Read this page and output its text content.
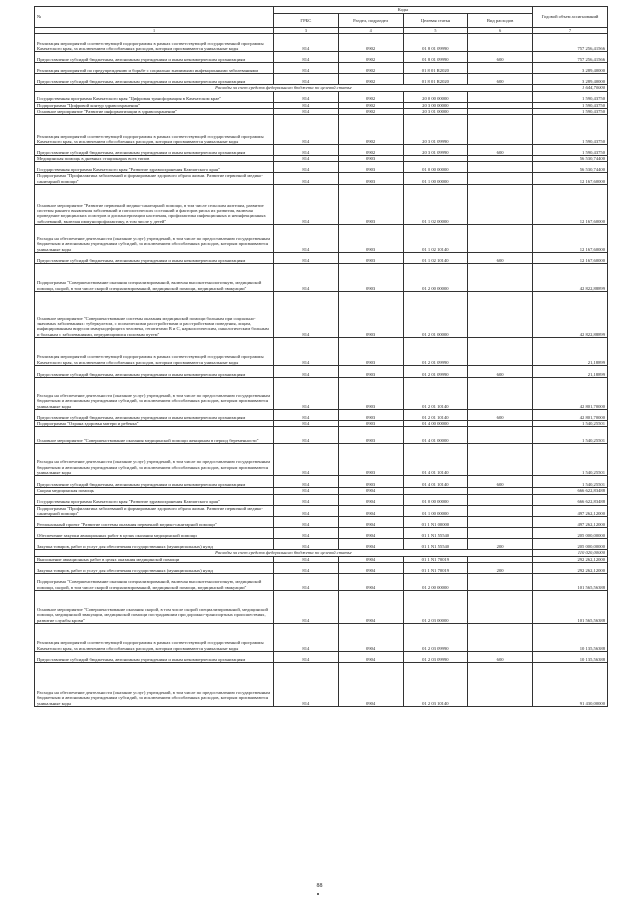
№	Коды				Годовой объем ассигнований
	ГРБС	Раздел, подраздел	Целевая статья	Вид расходов	
1	3	4	5	6	7
Реализация мероприятий соответствующей подпрограммы в рамках соответствующей государственной программы Камчатского края, за исключением обособленных расходов, которым присваиваются уникальные коды	814	0902	01 8 01 09990		757 256,41566
Предоставление субсидий бюджетным, автономным учреждениям и иным некоммерческим организациям	814	0902	01 8 01 09990	600	757 256,41566
Реализация мероприятий по предупреждению и борьбе с социально значимыми инфекционными заболеваниями	814	0902	01 8 01 R2020		3 289,40000
Предоставление субсидий бюджетным, автономным учреждениям и иным некоммерческим организациям	814	0902	01 8 01 R2020	600	3 289,40000
Расходы за счет средств федерального бюджета по целевой статье					1 644,70000
Государственная программа Камчатского края "Цифровая трансформация в Камчатском крае"	814	0902	20 0 00 00000		1 590,43750
Подпрограмма "Цифровой контур здравоохранения"	814	0902	20 3 00 00000		1 590,43750
Основное мероприятие "Развитие информатизации в здравоохранении"	814	0902	20 3 01 00000		1 590,43750
Реализация мероприятий соответствующей подпрограммы в рамках соответствующей государственной программы Камчатского края, за исключением обособленных расходов, которым присваиваются уникальные коды	814	0902	20 3 01 09990		1 590,43750
Предоставление субсидий бюджетным, автономным учреждениям и иным некоммерческим организациям	814	0902	20 3 01 09990	600	1 590,43750
Медицинская помощь в дневных стационарах всех типов	814	0903			56 530,74400
Государственная программа Камчатского края "Развитие здравоохранения Камчатского края"	814	0903	01 0 00 00000		56 530,74400
Подпрограмма "Профилактика заболеваний и формирование здорового образа жизни. Развитие первичной медико-санитарной помощи"	814	0903	01 1 00 00000		12 167,60000
Основное мероприятие "Развитие первичной медико-санитарной помощи, в том числе сельским жителям, развитие системы раннего выявления заболеваний и патологических состояний и факторов риска их развития, включая проведение медицинских осмотров и диспансеризации населения, профилактика инфекционных и неинфекционных заболеваний, включая иммунопрофилактику, в том числе у детей"	814	0903	01 1 02 00000		12 167,60000
Расходы на обеспечение деятельности (оказание услуг) учреждений, в том числе по предоставлению государственным бюджетным и автономным учреждениям субсидий, за исключением обособленных расходов, которым присваиваются уникальные коды	814	0903	01 1 02 10140		12 167,60000
Предоставление субсидий бюджетным, автономным учреждениям и иным некоммерческим организациям	814	0903	01 1 02 10140	600	12 167,60000
Подпрограмма "Совершенствование оказания специализированной, включая высокотехнологичную, медицинской помощи, скорой, в том числе скорой специализированной, медицинской помощи, медицинской эвакуации"	814	0903	01 2 00 00000		42 822,88899
Основное мероприятие "Совершенствование системы оказания медицинской помощи больным при социально-значимых заболеваниях: туберкулезом, с психическими расстройствами и расстройствами поведения, лицам, инфицированным вирусом иммунодефицита человека, гепатитами В и С, наркологическим, онкологическим больным и больным с заболеваниями, передающимися половым путем"	814	0903	01 2 01 00000		42 822,88899
Реализация мероприятий соответствующей подпрограммы в рамках соответствующей государственной программы Камчатского края, за исключением обособленных расходов, которым присваиваются уникальные коды	814	0903	01 2 01 09990		21,18899
Предоставление субсидий бюджетным, автономным учреждениям и иным некоммерческим организациям	814	0903	01 2 01 09990	600	21,18899
Расходы на обеспечение деятельности (оказание услуг) учреждений, в том числе по предоставлению государственным бюджетным и автономным учреждениям субсидий, за исключением обособленных расходов, которым присваиваются уникальные коды	814	0903	01 2 01 10140		42 801,70000
Предоставление субсидий бюджетным, автономным учреждениям и иным некоммерческим организациям	814	0903	01 2 01 10140	600	42 801,70000
Подпрограмма "Охрана здоровья матери и ребенка"	814	0903	01 4 00 00000		1 540,25501
Основное мероприятие "Совершенствование оказания медицинской помощи женщинам в период беременности"	814	0903	01 4 01 00000		1 540,25501
Расходы на обеспечение деятельности (оказание услуг) учреждений, в том числе по предоставлению государственным бюджетным и автономным учреждениям субсидий, за исключением обособленных расходов, которым присваиваются уникальные коды	814	0903	01 4 01 10140		1 540,25501
Предоставление субсидий бюджетным, автономным учреждениям и иным некоммерческим организациям	814	0903	01 4 01 10140	600	1 540,25501
Скорая медицинская помощь	814	0904			666 622,83488
Государственная программа Камчатского края "Развитие здравоохранения Камчатского края"	814	0904	01 0 00 00000		666 622,83488
Подпрограмма "Профилактика заболеваний и формирование здорового образа жизни. Развитие первичной медико-санитарной помощи"	814	0904	01 1 00 00000		497 262,12000
Региональный проект "Развитие системы оказания первичной медико-санитарной помощи"	814	0904	01 1 N1 00000		497 262,12000
Обеспечение закупки авиационных работ в целях оказания медицинской помощи	814	0904	01 1 N1 55540		205 000,00000
Закупка товаров, работ и услуг для обеспечения государственных (муниципальных) нужд	814	0904	01 1 N1 55540	200	205 000,00000
Расходы за счет средств федерального бюджета по целевой статье					110 020,00000
Выполнение авиационных работ в целях оказания медицинской помощи	814	0904	01 1 N1 70019		292 262,12000
Закупка товаров, работ и услуг для обеспечения государственных (муниципальных) нужд	814	0904	01 1 N1 70019	200	292 262,12000
Подпрограмма "Совершенствование оказания специализированной, включая высокотехнологичную, медицинской помощи, скорой, в том числе скорой специализированной, медицинской помощи, медицинской эвакуации"	814	0904	01 2 00 00000		101 565,56388
Основное мероприятие "Совершенствование оказания скорой, в том числе скорой специализированной, медицинской помощи, медицинской эвакуации, медицинской помощи пострадавшим при дорожно-транспортных происшествиях, развитие службы крови"	814	0904	01 2 03 00000		101 565,56388
Реализация мероприятий соответствующей подпрограммы в рамках соответствующей государственной программы Камчатского края, за исключением обособленных расходов, которым присваиваются уникальные коды	814	0904	01 2 03 09990		10 135,56388
Предоставление субсидий бюджетным, автономным учреждениям и иным некоммерческим организациям	814	0904	01 2 03 09990	600	10 135,56388
Расходы на обеспечение деятельности (оказание услуг) учреждений, в том числе по предоставлению государственным бюджетным и автономным учреждениям субсидий, за исключением обособленных расходов, которым присваиваются уникальные коды	814	0904	01 2 03 10140		91 430,00000
88
